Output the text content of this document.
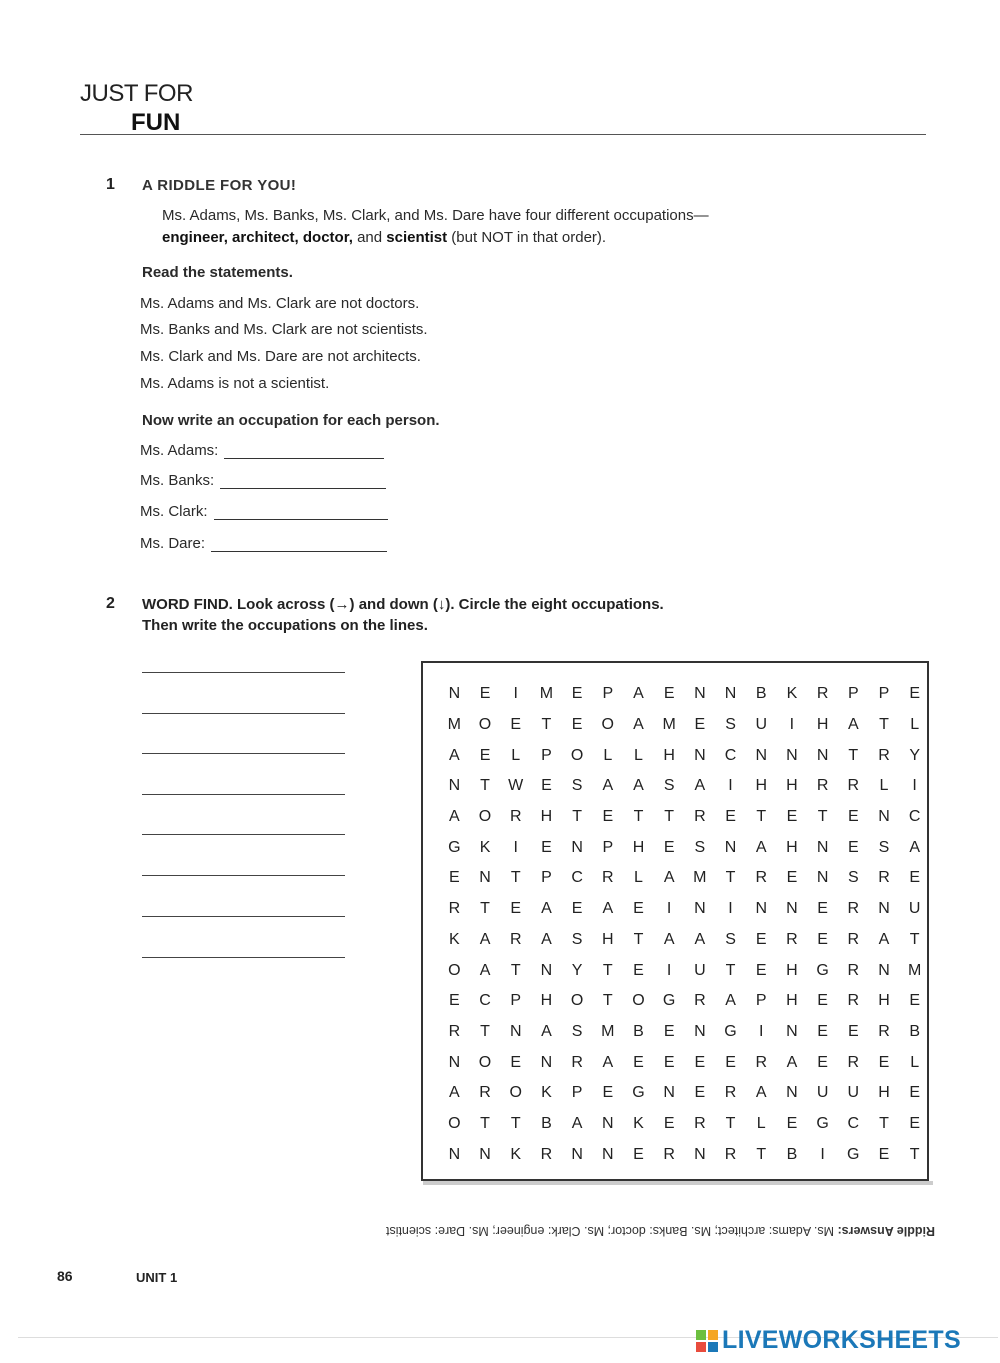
JUST FOR
FUN
1 A RIDDLE FOR YOU!
Ms. Adams, Ms. Banks, Ms. Clark, and Ms. Dare have four different occupations—
engineer, architect, doctor, and scientist (but NOT in that order).
Read the statements.
Ms. Adams and Ms. Clark are not doctors.
Ms. Banks and Ms. Clark are not scientists.
Ms. Clark and Ms. Dare are not architects.
Ms. Adams is not a scientist.
Now write an occupation for each person.
Ms. Adams:
Ms. Banks:
Ms. Clark:
Ms. Dare:
2 WORD FIND. Look across (→) and down (↓). Circle the eight occupations.
Then write the occupations on the lines.
N	E	I	M	E	P	A	E	N	N	B	K	R	P	P	E
M	O	E	T	E	O	A	M	E	S	U	I	H	A	T	L
A	E	L	P	O	L	L	H	N	C	N	N	N	T	R	Y
N	T	W	E	S	A	A	S	A	I	H	H	R	R	L	I
A	O	R	H	T	E	T	T	R	E	T	E	T	E	N	C
G	K	I	E	N	P	H	E	S	N	A	H	N	E	S	A
E	N	T	P	C	R	L	A	M	T	R	E	N	S	R	E
R	T	E	A	E	A	E	I	N	I	N	N	E	R	N	U
K	A	R	A	S	H	T	A	A	S	E	R	E	R	A	T
O	A	T	N	Y	T	E	I	U	T	E	H	G	R	N	M
E	C	P	H	O	T	O	G	R	A	P	H	E	R	H	E
R	T	N	A	S	M	B	E	N	G	I	N	E	E	R	B
N	O	E	N	R	A	E	E	E	E	R	A	E	R	E	L
A	R	O	K	P	E	G	N	E	R	A	N	U	U	H	E
O	T	T	B	A	N	K	E	R	T	L	E	G	C	T	E
N	N	K	R	N	N	E	R	N	R	T	B	I	G	E	T
Riddle Answers: Ms. Adams: architect; Ms. Banks: doctor; Ms. Clark: engineer; Ms. Dare: scientist
86	UNIT 1
LIVEWORKSHEETS
